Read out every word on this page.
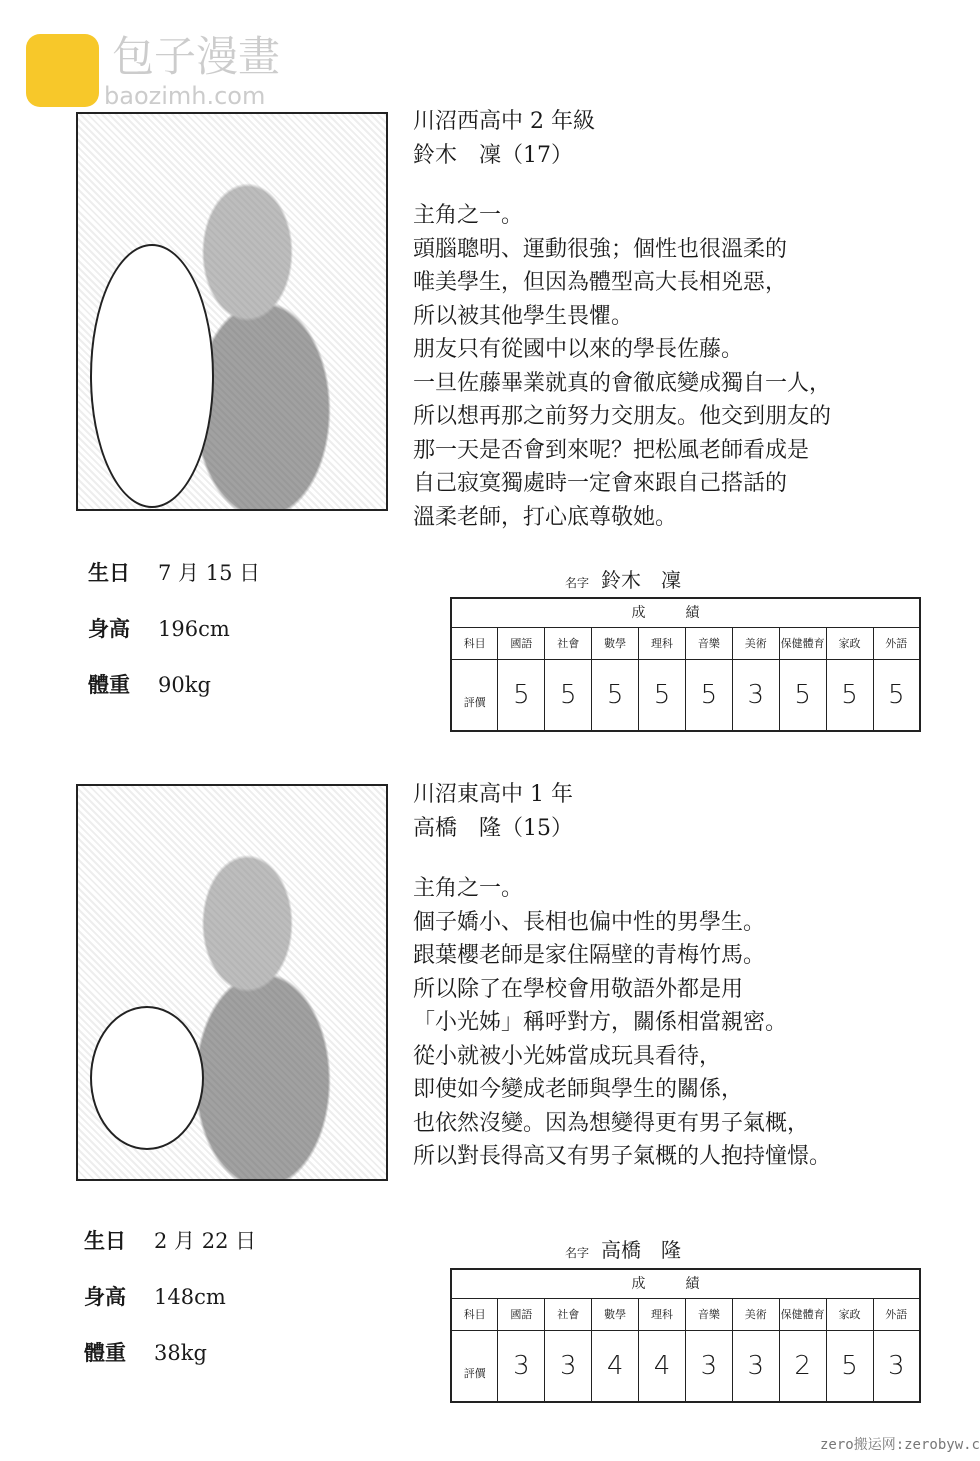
包子漫畫
baozimh.com
川沼西高中 2 年級
鈴木　凜（17）
主角之一。
頭腦聰明、運動很強；個性也很溫柔的
唯美學生，但因為體型高大長相兇惡，
所以被其他學生畏懼。
朋友只有從國中以來的學長佐藤。
一旦佐藤畢業就真的會徹底變成獨自一人，
所以想再那之前努力交朋友。他交到朋友的
那一天是否會到來呢？把松風老師看成是
自己寂寞獨處時一定會來跟自己搭話的
溫柔老師，打心底尊敬她。
生日 7 月 15 日
身高 196cm
體重 90kg
名字 鈴木　凜
成績									
科目	國語	社會	數學	理科	音樂	美術	保健體育	家政	外語
評價	5	5	5	5	5	3	5	5	5
川沼東高中 1 年
高橋　隆（15）
主角之一。
個子嬌小、長相也偏中性的男學生。
跟葉櫻老師是家住隔壁的青梅竹馬。
所以除了在學校會用敬語外都是用
「小光姊」稱呼對方，關係相當親密。
從小就被小光姊當成玩具看待，
即使如今變成老師與學生的關係，
也依然沒變。因為想變得更有男子氣概，
所以對長得高又有男子氣概的人抱持憧憬。
生日 2 月 22 日
身高 148cm
體重 38kg
名字 高橋　隆
成績									
科目	國語	社會	數學	理科	音樂	美術	保健體育	家政	外語
評價	3	3	4	4	3	3	2	5	3
zero搬运网:zerobyw.c
